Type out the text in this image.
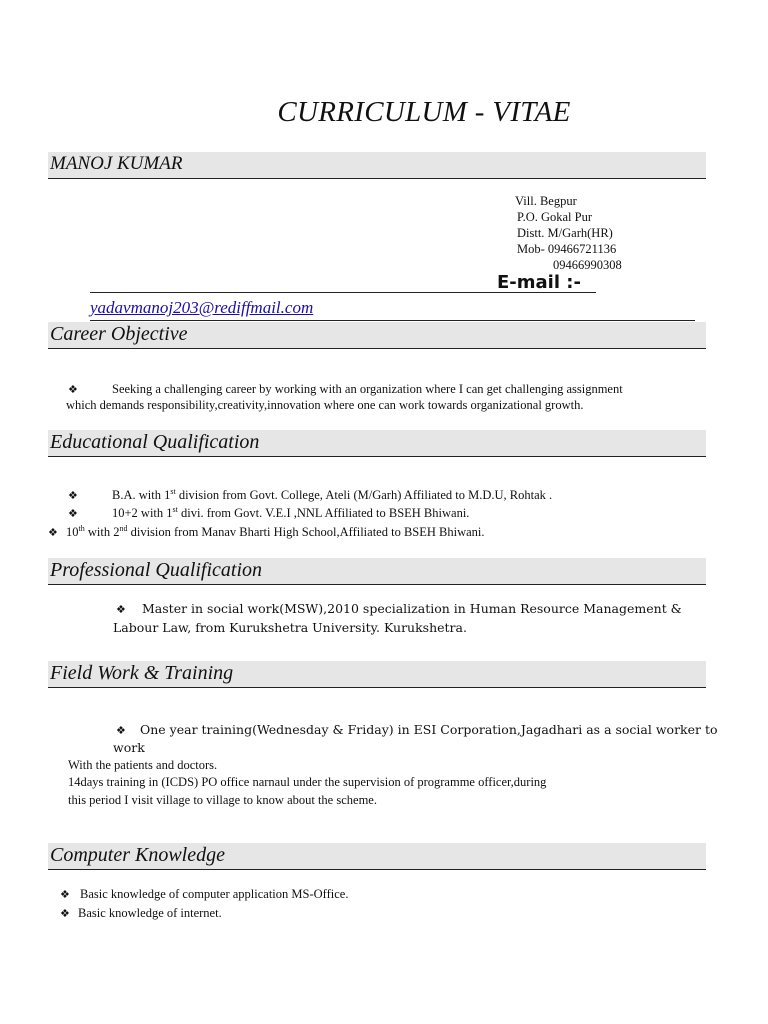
CURRICULUM - VITAE
MANOJ KUMAR
Vill. Begpur
P.O. Gokal Pur
Distt. M/Garh(HR)
Mob- 09466721136
09466990308
E-mail :-
yadavmanoj203@rediffmail.com
Career Objective
❖	Seeking a challenging career by working with an organization where I can get challenging assignment
which demands responsibility,creativity,innovation where one can work towards organizational growth.
Educational Qualification
❖	B.A. with 1st division from Govt. College, Ateli (M/Garh) Affiliated to M.D.U, Rohtak .
❖	10+2 with 1st divi. from Govt. V.E.I ,NNL Affiliated to BSEH Bhiwani.
❖ 10th with 2nd division from Manav Bharti High School,Affiliated to BSEH Bhiwani.
Professional Qualification
❖ Master in social work(MSW),2010 specialization in Human Resource Management &
Labour Law, from Kurukshetra University. Kurukshetra.
Field Work & Training
❖ One year training(Wednesday & Friday) in ESI Corporation,Jagadhari as a social worker to
work
With the patients and doctors.
14days training in (ICDS) PO office narnaul under the supervision of programme officer,during
this period I visit village to village to know about the scheme.
Computer Knowledge
❖ Basic knowledge of computer application MS-Office.
❖ Basic knowledge of internet.
